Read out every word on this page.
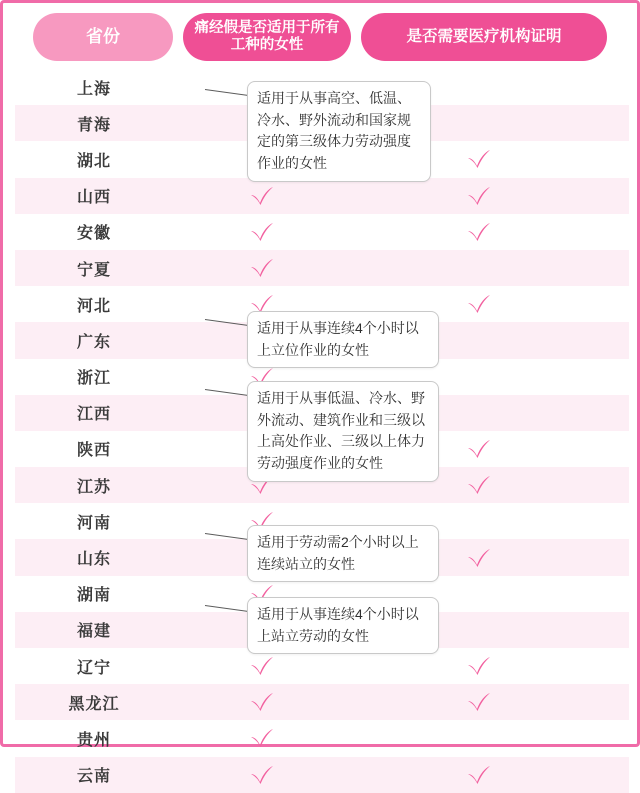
省份	痛经假是否适用于所有工种的女性	是否需要医疗机构证明
上海
青海
湖北
山西
安徽
宁夏
河北
广东
浙江
江西
陕西
江苏
河南
山东
湖南
福建
辽宁
黑龙江
贵州
云南
适用于从事高空、低温、冷水、野外流动和国家规定的第三级体力劳动强度作业的女性
适用于从事连续4个小时以上立位作业的女性
适用于从事低温、冷水、野外流动、建筑作业和三级以上高处作业、三级以上体力劳动强度作业的女性
适用于劳动需2个小时以上连续站立的女性
适用于从事连续4个小时以上站立劳动的女性
